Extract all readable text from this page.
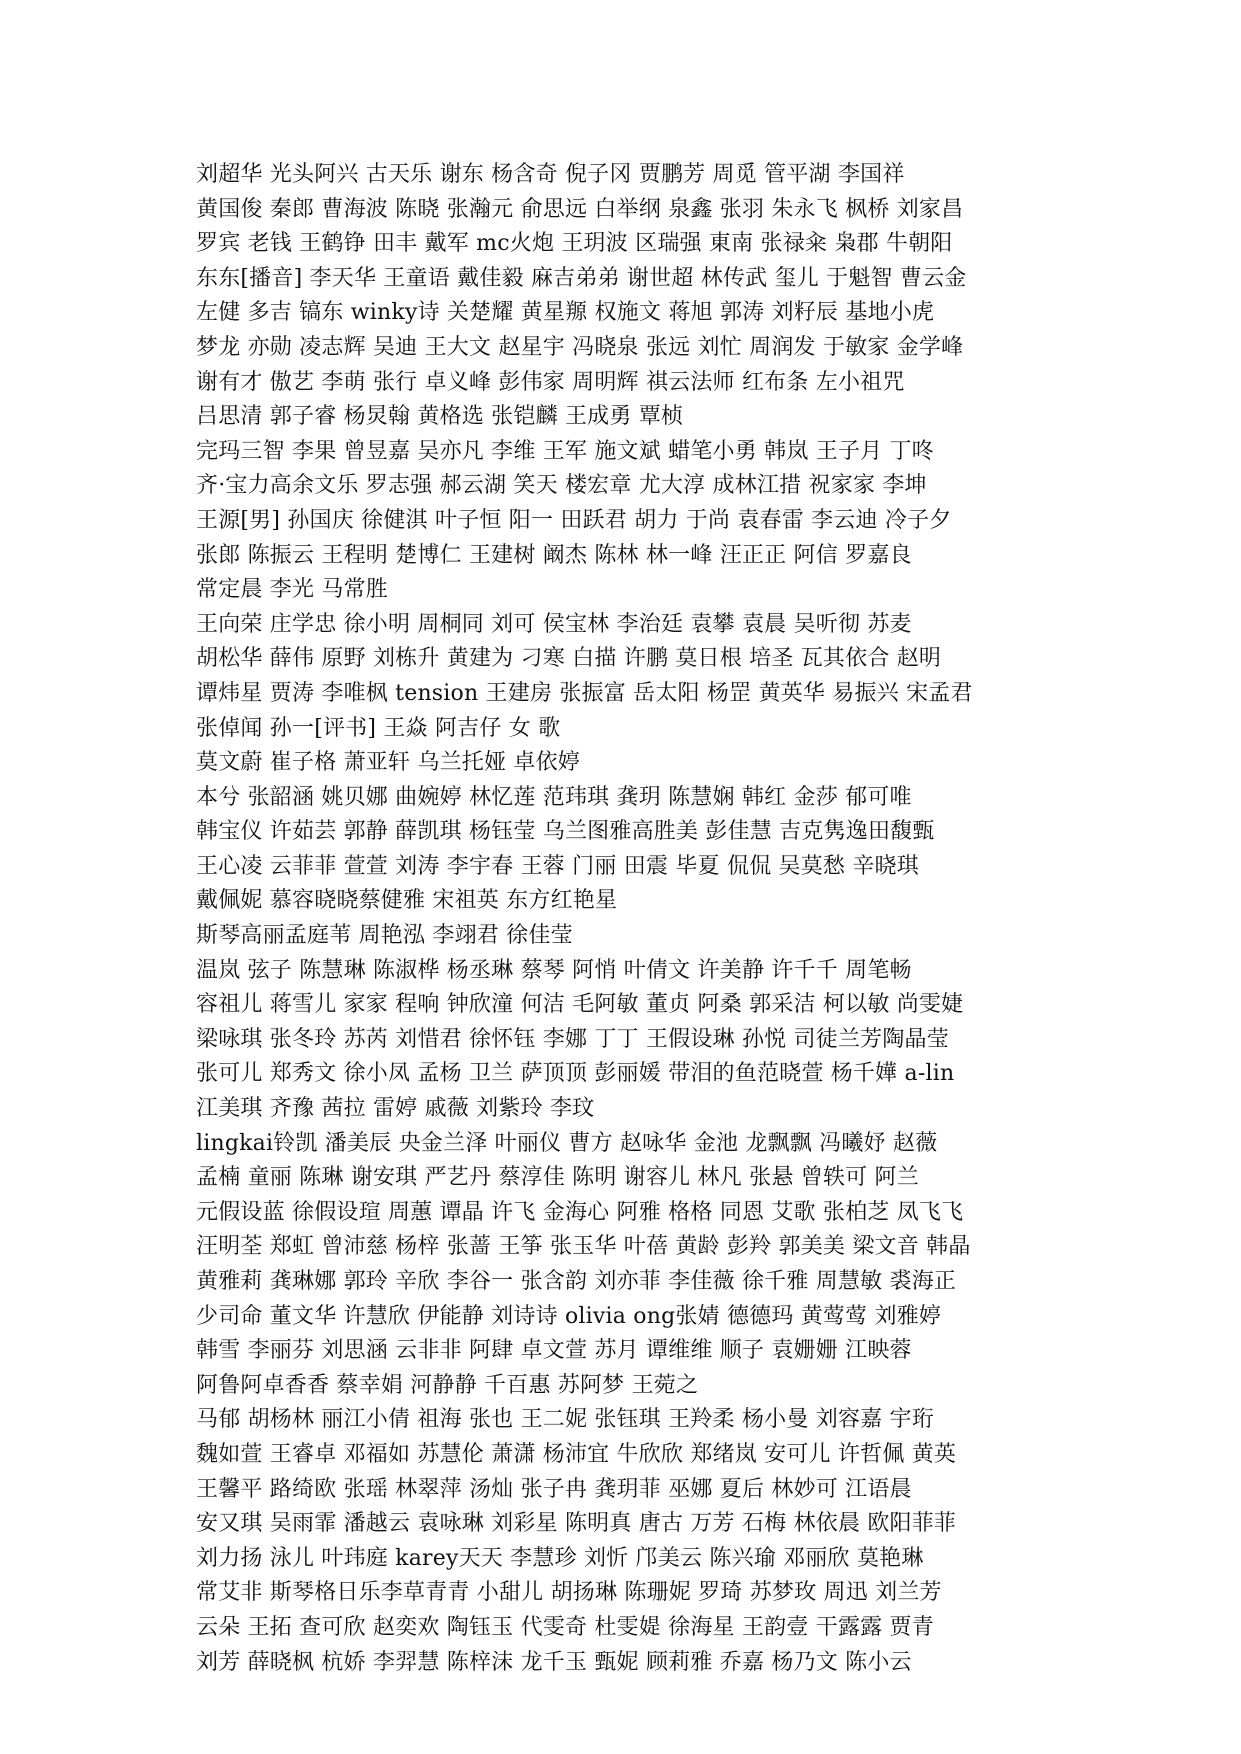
刘超华 光头阿兴 古天乐 谢东 杨含奇 倪子冈 贾鹏芳 周觅 管平湖 李国祥
黄国俊 秦郎 曹海波 陈晓 张瀚元 俞思远 白举纲 泉鑫 张羽 朱永飞 枫桥 刘家昌
罗宾 老钱 王鹤铮 田丰 戴军 mc火炮 王玥波 区瑞强 東南 张禄籴 枭郡 牛朝阳
东东[播音] 李天华 王童语 戴佳毅 麻吉弟弟 谢世超 林传武 玺儿 于魁智 曹云金
左健 多吉 镐东 winky诗 关楚耀 黄星羱 权施文 蒋旭 郭涛 刘籽辰 基地小虎
梦龙 亦勋 凌志辉 吴迪 王大文 赵星宇 冯晓泉 张远 刘忙 周润发 于敏家 金学峰
谢有才 傲艺 李萌 张行 卓义峰 彭伟家 周明辉 祺云法师 红布条 左小祖咒
吕思清 郭子睿 杨炅翰 黄格选 张铠麟 王成勇 覃桢
完玛三智 李果 曾昱嘉 吴亦凡 李维 王军 施文斌 蜡笔小勇 韩岚 王子月 丁咚
齐·宝力高余文乐 罗志强 郝云湖 笑天 楼宏章 尤大淳 成林江措 祝家家 李坤
王源[男] 孙国庆 徐健淇 叶子恒 阳一 田跃君 胡力 于尚 袁春雷 李云迪 冷子夕
张郎 陈振云 王程明 楚博仁 王建树 阚杰 陈林 林一峰 汪正正 阿信 罗嘉良
常定晨 李光 马常胜
王向荣 庄学忠 徐小明 周桐同 刘可 侯宝林 李治廷 袁攀 袁晨 吴听彻 苏麦
胡松华 薛伟 原野 刘栋升 黄建为 刁寒 白描 许鹏 莫日根 培圣 瓦其依合 赵明
谭炜星 贾涛 李唯枫 tension 王建房 张振富 岳太阳 杨罡 黄英华 易振兴 宋孟君
张倬闻 孙一[评书] 王焱 阿吉仔 女 歌
莫文蔚 崔子格 萧亚轩 乌兰托娅 卓依婷
本兮 张韶涵 姚贝娜 曲婉婷 林忆莲 范玮琪 龚玥 陈慧娴 韩红 金莎 郁可唯
韩宝仪 许茹芸 郭静 薛凯琪 杨钰莹 乌兰图雅高胜美 彭佳慧 吉克隽逸田馥甄
王心凌 云菲菲 萱萱 刘涛 李宇春 王蓉 门丽 田震 毕夏 侃侃 吴莫愁 辛晓琪
戴佩妮 慕容晓晓蔡健雅 宋祖英 东方红艳星
斯琴高丽孟庭苇 周艳泓 李翊君 徐佳莹
温岚 弦子 陈慧琳 陈淑桦 杨丞琳 蔡琴 阿悄 叶倩文 许美静 许千千 周笔畅
容祖儿 蒋雪儿 家家 程响 钟欣潼 何洁 毛阿敏 董贞 阿桑 郭采洁 柯以敏 尚雯婕
梁咏琪 张冬玲 苏芮 刘惜君 徐怀钰 李娜 丁丁 王假设琳 孙悦 司徒兰芳陶晶莹
张可儿 郑秀文 徐小凤 孟杨 卫兰 萨顶顶 彭丽媛 带泪的鱼范晓萱 杨千嬅 a-lin
江美琪 齐豫 茜拉 雷婷 戚薇 刘紫玲 李玟
lingkai铃凯 潘美辰 央金兰泽 叶丽仪 曹方 赵咏华 金池 龙飘飘 冯曦妤 赵薇
孟楠 童丽 陈琳 谢安琪 严艺丹 蔡淳佳 陈明 谢容儿 林凡 张悬 曾轶可 阿兰
元假设蓝 徐假设瑄 周蕙 谭晶 许飞 金海心 阿雅 格格 同恩 艾歌 张柏芝 凤飞飞
汪明荃 郑虹 曾沛慈 杨梓 张蔷 王筝 张玉华 叶蓓 黄龄 彭羚 郭美美 梁文音 韩晶
黄雅莉 龚琳娜 郭玲 辛欣 李谷一 张含韵 刘亦菲 李佳薇 徐千雅 周慧敏 裘海正
少司命 董文华 许慧欣 伊能静 刘诗诗 olivia ong张婧 德德玛 黄莺莺 刘雅婷
韩雪 李丽芬 刘思涵 云非非 阿肆 卓文萱 苏月 谭维维 顺子 袁姗姗 江映蓉
阿鲁阿卓香香 蔡幸娟 河静静 千百惠 苏阿梦 王菀之
马郁 胡杨林 丽江小倩 祖海 张也 王二妮 张钰琪 王羚柔 杨小曼 刘容嘉 宇珩
魏如萱 王睿卓 邓福如 苏慧伦 萧潇 杨沛宜 牛欣欣 郑绪岚 安可儿 许哲佩 黄英
王馨平 路绮欧 张瑶 林翠萍 汤灿 张子冉 龚玥菲 巫娜 夏后 林妙可 江语晨
安又琪 吴雨霏 潘越云 袁咏琳 刘彩星 陈明真 唐古 万芳 石梅 林依晨 欧阳菲菲
刘力扬 泳儿 叶玮庭 karey天天 李慧珍 刘忻 邝美云 陈兴瑜 邓丽欣 莫艳琳
常艾非 斯琴格日乐李草青青 小甜儿 胡扬琳 陈珊妮 罗琦 苏梦玫 周迅 刘兰芳
云朵 王拓 查可欣 赵奕欢 陶钰玉 代雯奇 杜雯媞 徐海星 王韵壹 干露露 贾青
刘芳 薛晓枫 杭娇 李羿慧 陈梓沫 龙千玉 甄妮 顾莉雅 乔嘉 杨乃文 陈小云
